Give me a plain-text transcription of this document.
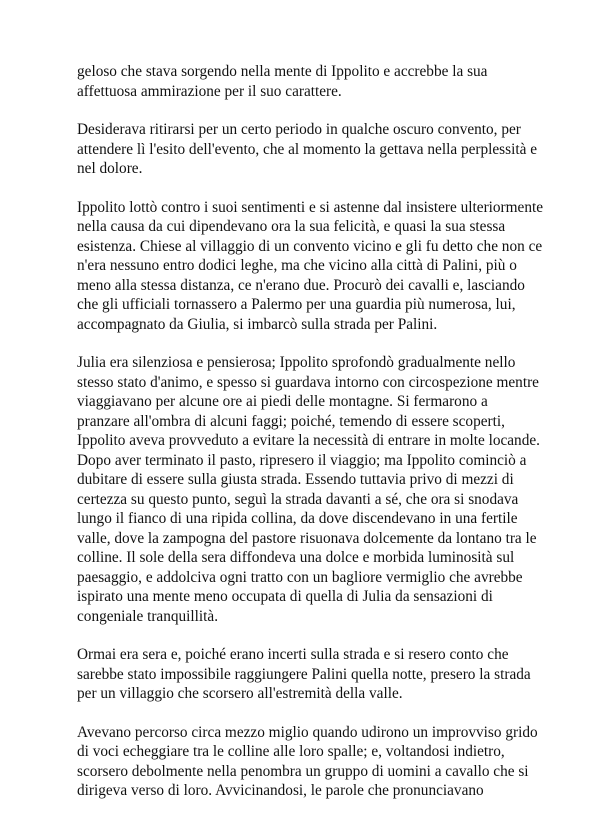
geloso che stava sorgendo nella mente di Ippolito e accrebbe la sua
affettuosa ammirazione per il suo carattere.
Desiderava ritirarsi per un certo periodo in qualche oscuro convento, per
attendere lì l'esito dell'evento, che al momento la gettava nella perplessità e
nel dolore.
Ippolito lottò contro i suoi sentimenti e si astenne dal insistere ulteriormente
nella causa da cui dipendevano ora la sua felicità, e quasi la sua stessa
esistenza. Chiese al villaggio di un convento vicino e gli fu detto che non ce
n'era nessuno entro dodici leghe, ma che vicino alla città di Palini, più o
meno alla stessa distanza, ce n'erano due. Procurò dei cavalli e, lasciando
che gli ufficiali tornassero a Palermo per una guardia più numerosa, lui,
accompagnato da Giulia, si imbarcò sulla strada per Palini.
Julia era silenziosa e pensierosa; Ippolito sprofondò gradualmente nello
stesso stato d'animo, e spesso si guardava intorno con circospezione mentre
viaggiavano per alcune ore ai piedi delle montagne. Si fermarono a
pranzare all'ombra di alcuni faggi; poiché, temendo di essere scoperti,
Ippolito aveva provveduto a evitare la necessità di entrare in molte locande.
Dopo aver terminato il pasto, ripresero il viaggio; ma Ippolito cominciò a
dubitare di essere sulla giusta strada. Essendo tuttavia privo di mezzi di
certezza su questo punto, seguì la strada davanti a sé, che ora si snodava
lungo il fianco di una ripida collina, da dove discendevano in una fertile
valle, dove la zampogna del pastore risuonava dolcemente da lontano tra le
colline. Il sole della sera diffondeva una dolce e morbida luminosità sul
paesaggio, e addolciva ogni tratto con un bagliore vermiglio che avrebbe
ispirato una mente meno occupata di quella di Julia da sensazioni di
congeniale tranquillità.
Ormai era sera e, poiché erano incerti sulla strada e si resero conto che
sarebbe stato impossibile raggiungere Palini quella notte, presero la strada
per un villaggio che scorsero all'estremità della valle.
Avevano percorso circa mezzo miglio quando udirono un improvviso grido
di voci echeggiare tra le colline alle loro spalle; e, voltandosi indietro,
scorsero debolmente nella penombra un gruppo di uomini a cavallo che si
dirigeva verso di loro. Avvicinandosi, le parole che pronunciavano
